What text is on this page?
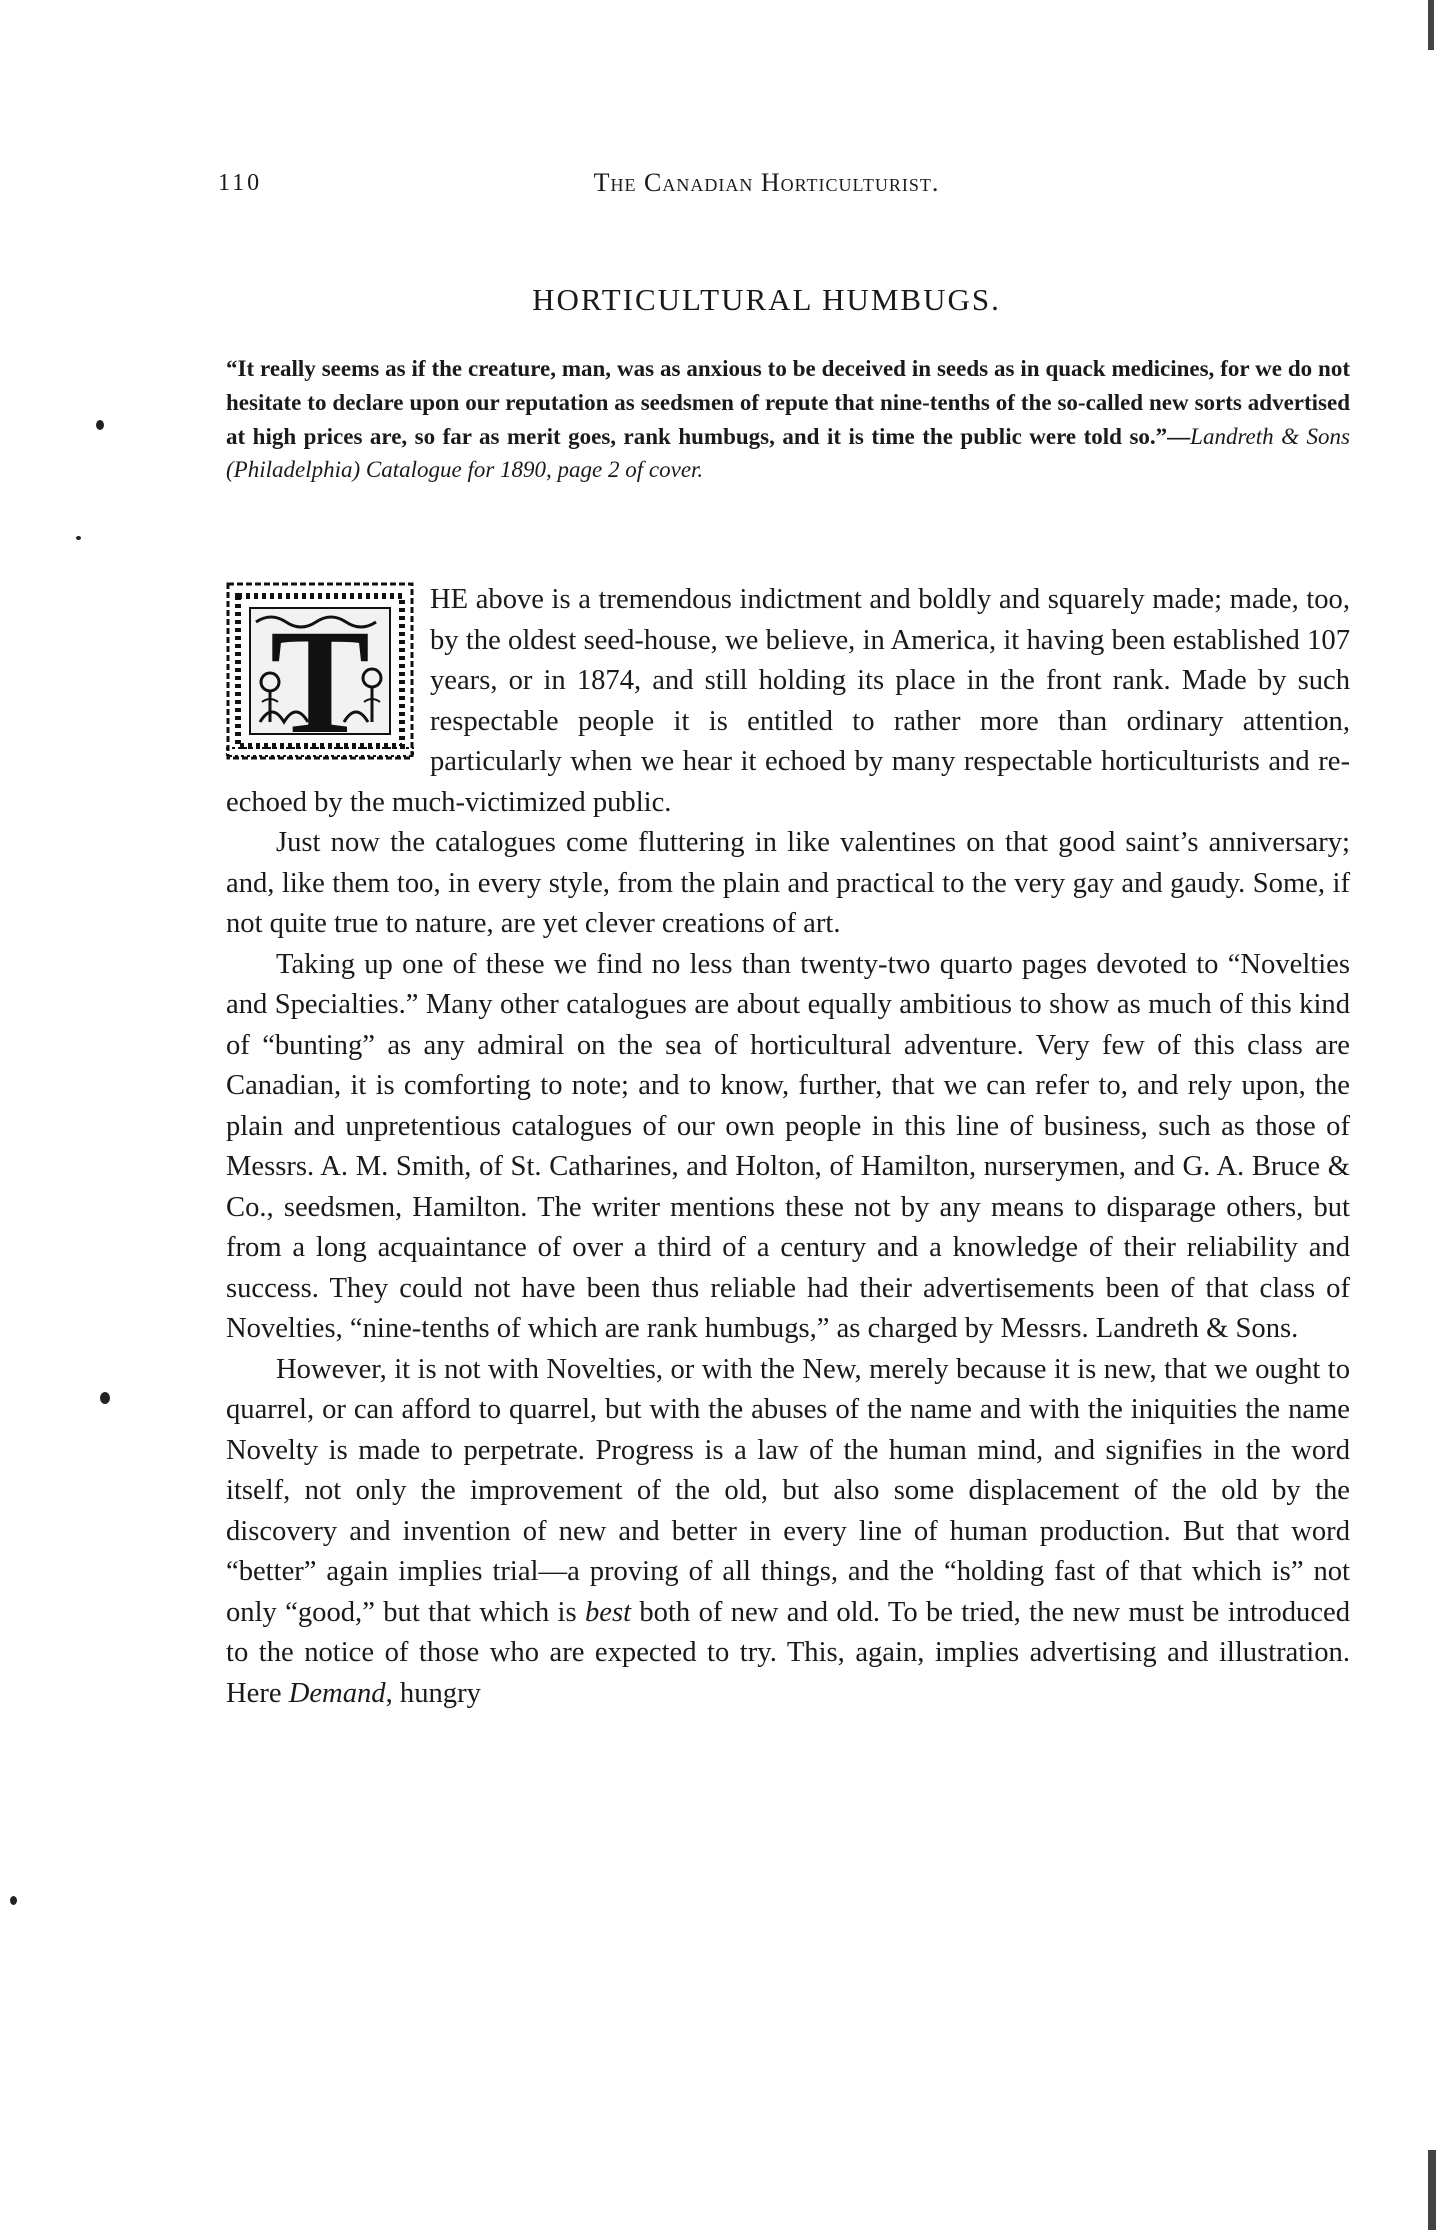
110	The Canadian Horticulturist.
HORTICULTURAL HUMBUGS.
“It really seems as if the creature, man, was as anxious to be deceived in seeds as in quack medicines, for we do not hesitate to declare upon our reputation as seedsmen of repute that nine-tenths of the so-called new sorts advertised at high prices are, so far as merit goes, rank humbugs, and it is time the public were told so.”—Landreth & Sons (Philadelphia) Catalogue for 1890, page 2 of cover.

T HE above is a tremendous indictment and boldly and squarely made; made, too, by the oldest seed-house, we believe, in America, it having been established 107 years, or in 1874, and still holding its place in the front rank. Made by such respectable people it is entitled to rather more than ordinary attention, particularly when we hear it echoed by many respectable horticulturists and re-echoed by the much-victimized public.

Just now the catalogues come fluttering in like valentines on that good saint’s anniversary; and, like them too, in every style, from the plain and practical to the very gay and gaudy. Some, if not quite true to nature, are yet clever creations of art.

Taking up one of these we find no less than twenty-two quarto pages devoted to “Novelties and Specialties.” Many other catalogues are about equally ambitious to show as much of this kind of “bunting” as any admiral on the sea of horticultural adventure. Very few of this class are Canadian, it is comforting to note; and to know, further, that we can refer to, and rely upon, the plain and unpretentious catalogues of our own people in this line of business, such as those of Messrs. A. M. Smith, of St. Catharines, and Holton, of Hamilton, nurserymen, and G. A. Bruce & Co., seedsmen, Hamilton. The writer mentions these not by any means to disparage others, but from a long acquaintance of over a third of a century and a knowledge of their reliability and success. They could not have been thus reliable had their advertisements been of that class of Novelties, “nine-tenths of which are rank humbugs,” as charged by Messrs. Landreth & Sons.

However, it is not with Novelties, or with the New, merely because it is new, that we ought to quarrel, or can afford to quarrel, but with the abuses of the name and with the iniquities the name Novelty is made to perpetrate. Progress is a law of the human mind, and signifies in the word itself, not only the improvement of the old, but also some displacement of the old by the discovery and invention of new and better in every line of human production. But that word “better” again implies trial—a proving of all things, and the “holding fast of that which is” not only “good,” but that which is best both of new and old. To be tried, the new must be introduced to the notice of those who are expected to try. This, again, implies advertising and illustration. Here Demand, hungry
